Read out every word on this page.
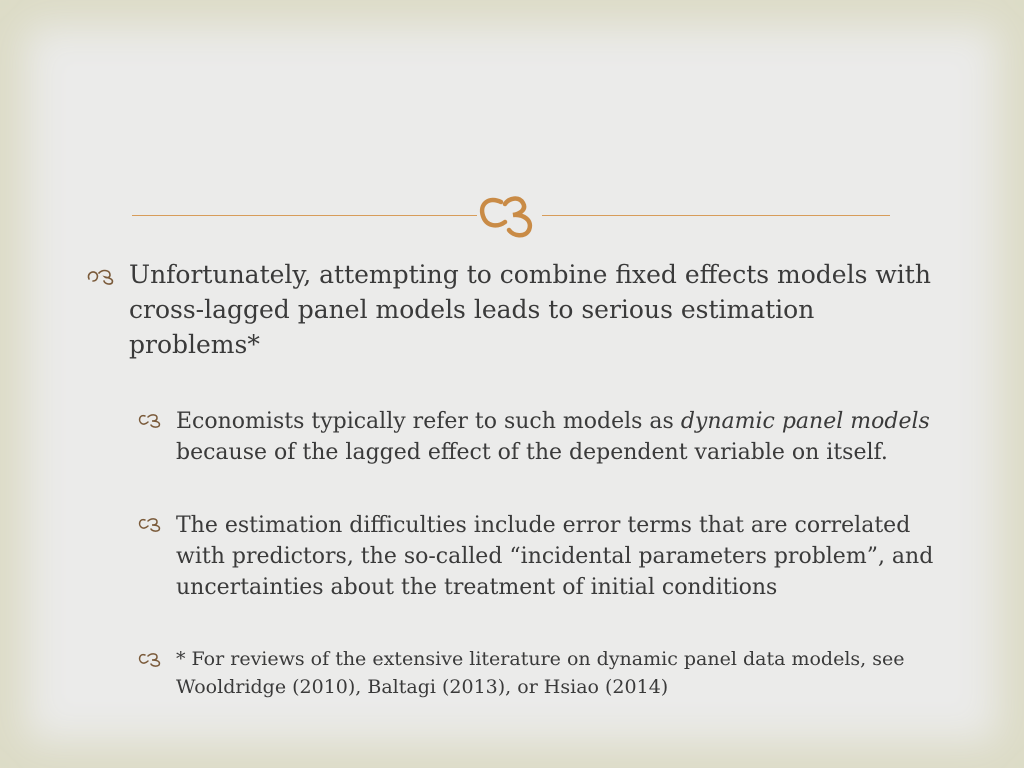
Unfortunately, attempting to combine fixed effects models with cross-lagged panel models leads to serious estimation problems*
Economists typically refer to such models as dynamic panel models because of the lagged effect of the dependent variable on itself.
The estimation difficulties include error terms that are correlated with predictors, the so-called “incidental parameters problem”, and uncertainties about the treatment of initial conditions
* For reviews of the extensive literature on dynamic panel data models, see Wooldridge (2010), Baltagi (2013), or Hsiao (2014)
